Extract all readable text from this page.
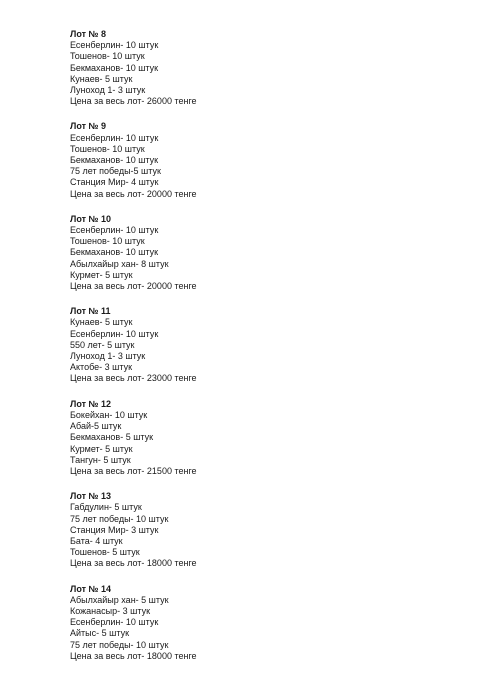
Лот № 8
Есенберлин- 10 штук
Тошенов- 10 штук
Бекмаханов- 10 штук
Кунаев- 5 штук
Луноход 1- 3 штук
Цена за весь лот- 26000 тенге
Лот № 9
Есенберлин- 10 штук
Тошенов- 10 штук
Бекмаханов- 10 штук
75 лет победы-5 штук
Станция Мир- 4 штук
Цена за весь лот- 20000 тенге
Лот № 10
Есенберлин- 10 штук
Тошенов- 10 штук
Бекмаханов- 10 штук
Абылхайыр хан- 8 штук
Курмет- 5 штук
Цена за весь лот- 20000 тенге
Лот № 11
Кунаев- 5 штук
Есенберлин- 10 штук
550 лет- 5 штук
Луноход 1- 3 штук
Актобе- 3 штук
Цена за весь лот- 23000 тенге
Лот № 12
Бокейхан- 10 штук
Абай-5 штук
Бекмаханов- 5 штук
Курмет- 5 штук
Тангун- 5 штук
Цена за весь лот- 21500 тенге
Лот № 13
Габдулин- 5 штук
75 лет победы- 10 штук
Станция Мир- 3 штук
Бата- 4 штук
Тошенов- 5 штук
Цена за весь лот- 18000 тенге
Лот № 14
Абылхайыр хан- 5 штук
Кожанасыр- 3 штук
Есенберлин- 10 штук
Айтыс- 5 штук
75 лет победы- 10 штук
Цена за весь лот- 18000 тенге
